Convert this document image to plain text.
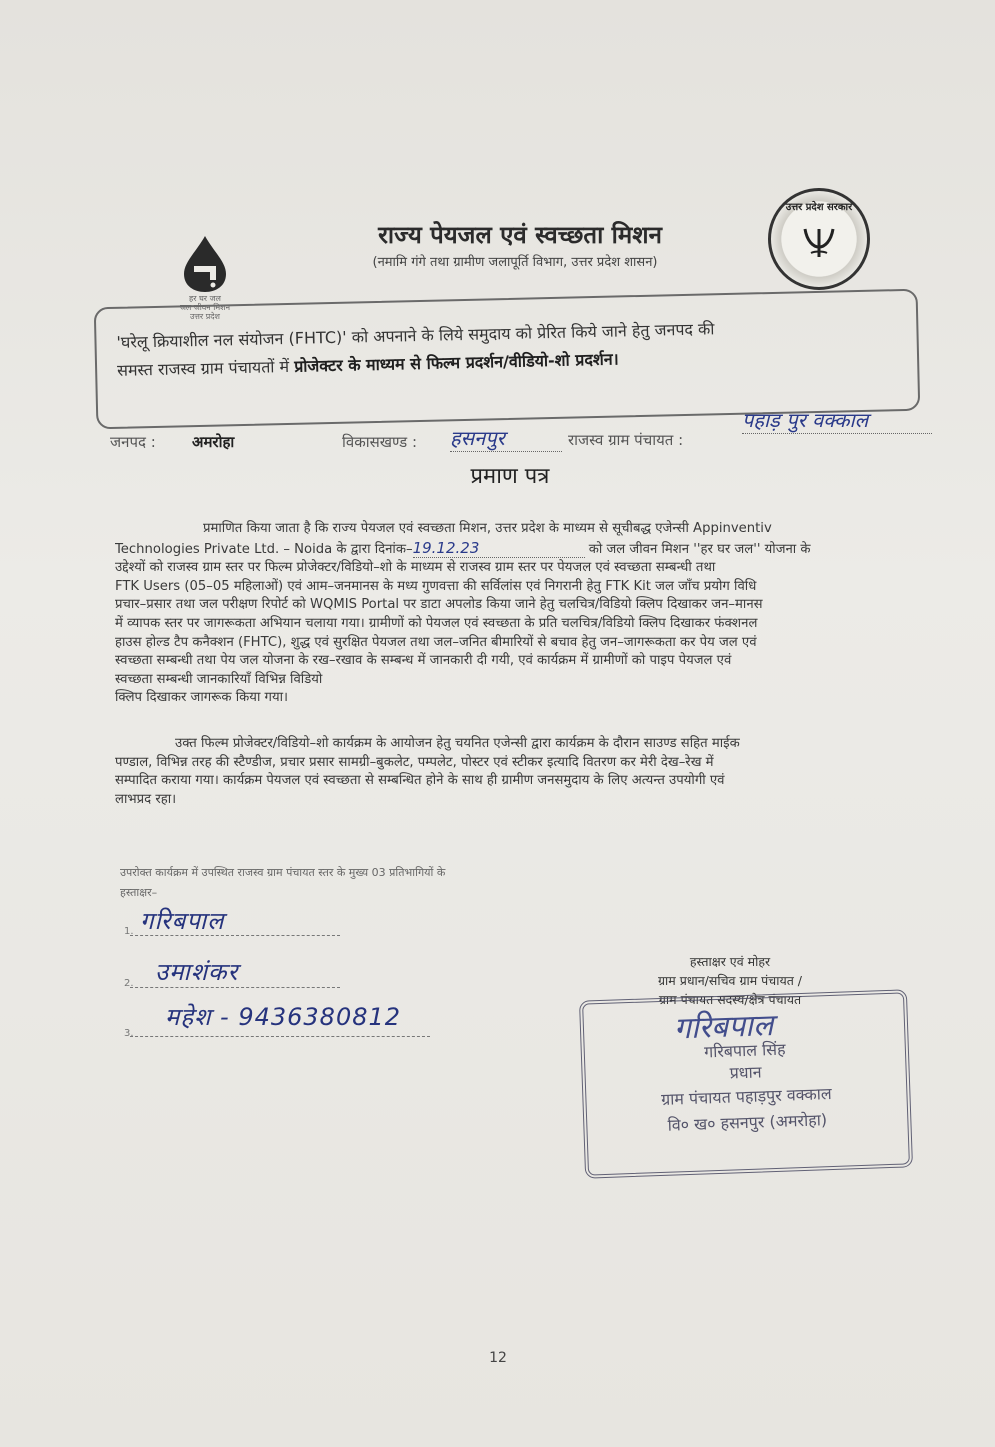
हर घर जल
जल जीवन मिशन
उत्तर प्रदेश
राज्य पेयजल एवं स्वच्छता मिशन
(नमामि गंगे तथा ग्रामीण जलापूर्ति विभाग, उत्तर प्रदेश शासन)
उत्तर प्रदेश सरकार
'घरेलू क्रियाशील नल संयोजन (FHTC)' को अपनाने के लिये समुदाय को प्रेरित किये जाने हेतु जनपद की
समस्त राजस्व ग्राम पंचायतों में प्रोजेक्टर के माध्यम से फिल्म प्रदर्शन/वीडियो-शो प्रदर्शन।
जनपद : अमरोहा	विकासखण्ड : हसनपुर	राजस्व ग्राम पंचायत :
पहाड़ पुर वक्काल
प्रमाण पत्र
प्रमाणित किया जाता है कि राज्य पेयजल एवं स्वच्छता मिशन, उत्तर प्रदेश के माध्यम से सूचीबद्ध एजेन्सी Appinventiv
Technologies Private Ltd. – Noida के द्वारा दिनांक–19.12.23	को जल जीवन मिशन ''हर घर जल'' योजना के
उद्देश्यों को राजस्व ग्राम स्तर पर फिल्म प्रोजेक्टर/विडियो–शो के माध्यम से राजस्व ग्राम स्तर पर पेयजल एवं स्वच्छता सम्बन्धी तथा
FTK Users (05–05 महिलाओं) एवं आम–जनमानस के मध्य गुणवत्ता की सर्विलांस एवं निगरानी हेतु FTK Kit जल जाँच प्रयोग विधि
प्रचार–प्रसार तथा जल परीक्षण रिपोर्ट को WQMIS Portal पर डाटा अपलोड किया जाने हेतु चलचित्र/विडियो क्लिप दिखाकर जन–मानस
में व्यापक स्तर पर जागरूकता अभियान चलाया गया। ग्रामीणों को पेयजल एवं स्वच्छता के प्रति चलचित्र/विडियो क्लिप दिखाकर फंक्शनल
हाउस होल्ड टैप कनैक्शन (FHTC), शुद्ध एवं सुरक्षित पेयजल तथा जल–जनित बीमारियों से बचाव हेतु जन–जागरूकता कर पेय जल एवं
स्वच्छता सम्बन्धी तथा पेय जल योजना के रख–रखाव के सम्बन्ध में जानकारी दी गयी, एवं कार्यक्रम में ग्रामीणों को पाइप पेयजल एवं
स्वच्छता सम्बन्धी जानकारियाँ विभिन्न विडियो
क्लिप दिखाकर जागरूक किया गया।
उक्त फिल्म प्रोजेक्टर/विडियो–शो कार्यक्रम के आयोजन हेतु चयनित एजेन्सी द्वारा कार्यक्रम के दौरान साउण्ड सहित माईक
पण्डाल, विभिन्न तरह की स्टैण्डीज, प्रचार प्रसार सामग्री–बुकलेट, पम्पलेट, पोस्टर एवं स्टीकर इत्यादि वितरण कर मेरी देख–रेख में
सम्पादित कराया गया। कार्यक्रम पेयजल एवं स्वच्छता से सम्बन्धित होने के साथ ही ग्रामीण जनसमुदाय के लिए अत्यन्त उपयोगी एवं
लाभप्रद रहा।
उपरोक्त कार्यक्रम में उपस्थित राजस्व ग्राम पंचायत स्तर के मुख्य 03 प्रतिभागियों के
हस्ताक्षर–
1. गरिबपाल
2. उमाशंकर
3.
महेश - 9436380812
हस्ताक्षर एवं मोहर
ग्राम प्रधान/सचिव ग्राम पंचायत /
ग्राम पंचायत सदस्य/क्षेत्र पंचायत
गरिबपाल
गरिबपाल सिंह
प्रधान
ग्राम पंचायत पहाड़पुर वक्काल
वि० ख० हसनपुर (अमरोहा)
12
